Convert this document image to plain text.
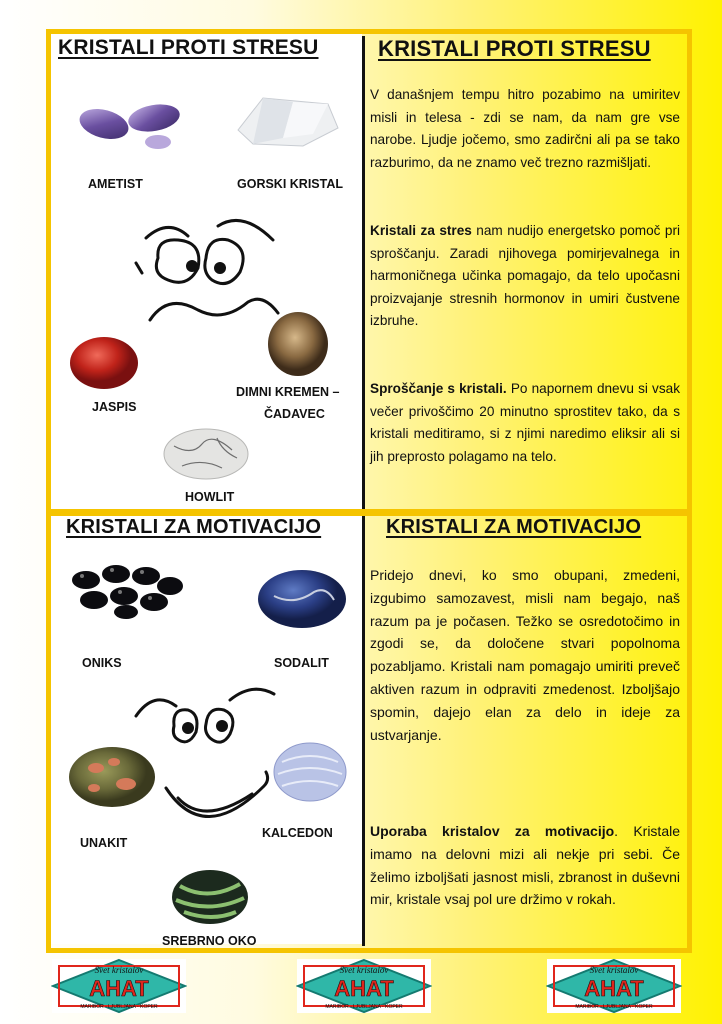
KRISTALI PROTI STRESU	KRISTALI PROTI STRESU

V današnjem tempu hitro pozabimo na umiritev misli in telesa - zdi se nam, da nam gre vse narobe. Ljudje jočemo, smo zadirčni ali pa se tako razburimo, da ne znamo več trezno razmišljati.

Kristali za stres nam nudijo energetsko pomoč pri sproščanju. Zaradi njihovega pomirjevalnega in harmoničnega učinka pomagajo, da telo upočasni proizvajanje stresnih hormonov in umiri čustvene izbruhe.

Sproščanje s kristali. Po napornem dnevu si vsak večer privoščimo 20 minutno sprostitev tako, da s kristali meditiramo, si z njimi naredimo eliksir ali si jih preprosto polagamo na telo.

AMETIST	GORSKI KRISTAL
JASPIS
DIMNI KREMEN –
ČADAVEC
HOWLIT
KRISTALI ZA MOTIVACIJO	KRISTALI ZA MOTIVACIJO

Pridejo dnevi, ko smo obupani, zmedeni, izgubimo samozavest, misli nam begajo, naš razum pa je počasen. Težko se osredotočimo in zgodi se, da določene stvari popolnoma pozabljamo. Kristali nam pomagajo umiriti preveč aktiven razum in odpraviti zmedenost. Izboljšajo spomin, dajejo elan za delo in ideje za ustvarjanje.

Uporaba kristalov za motivacijo. Kristale imamo na delovni mizi ali nekje pri sebi. Če želimo izboljšati jasnost misli, zbranost in duševni mir, kristale vsaj pol ure držimo v rokah.

ONIKS	SODALIT
UNAKIT
KALCEDON
SREBRNO OKO
Svet kristalov
AHAT
MARIBOR - LJUBLJANA - KOPER
Svet kristalov
AHAT
MARIBOR - LJUBLJANA - KOPER
Svet kristalov
AHAT
MARIBOR - LJUBLJANA - KOPER
